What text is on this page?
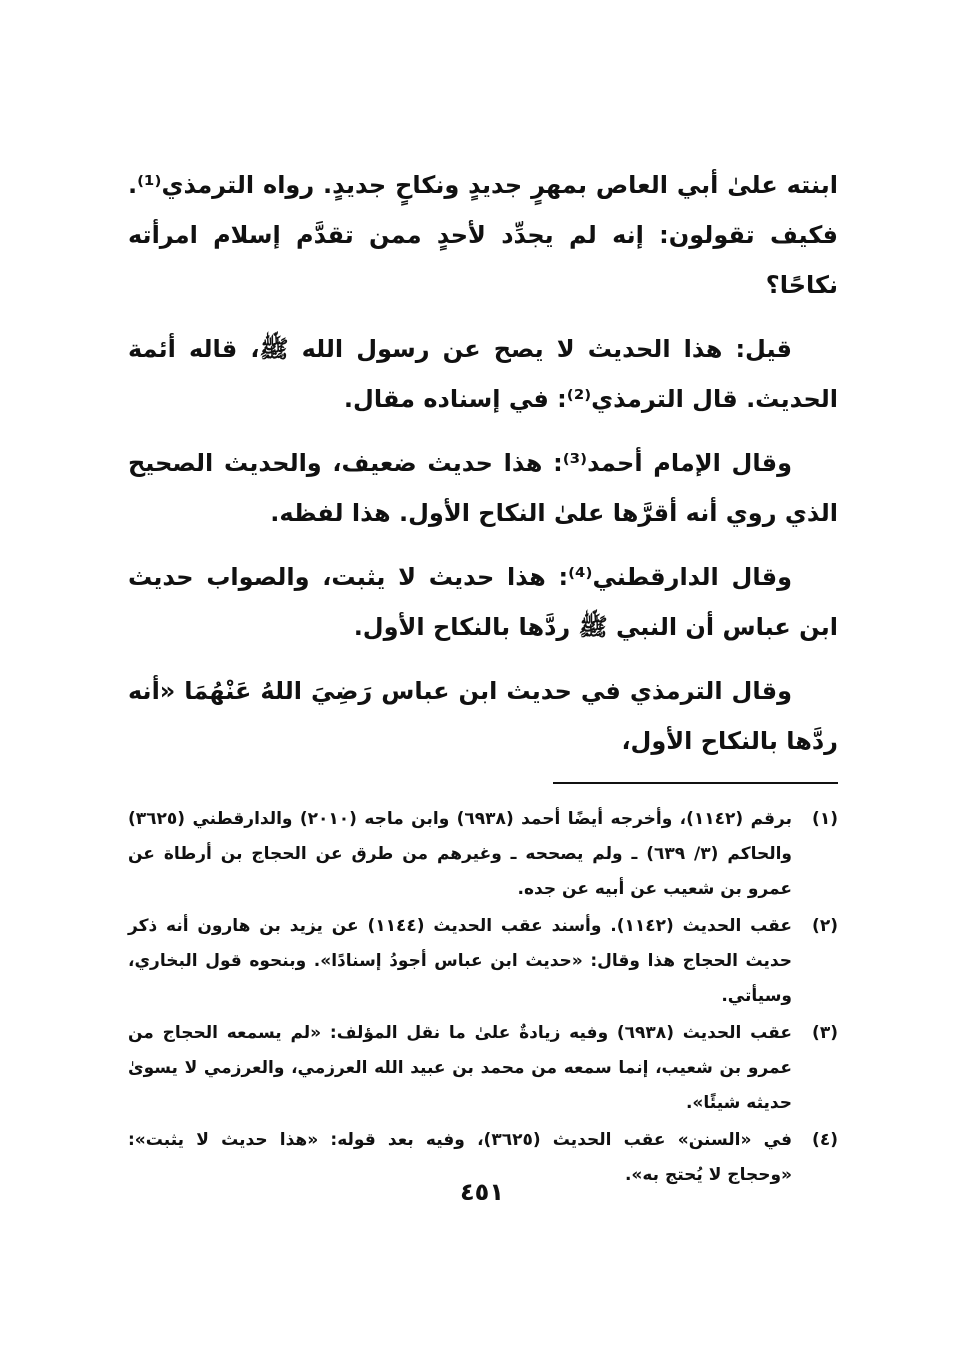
ابنته علىٰ أبي العاص بمهرٍ جديدٍ ونكاحٍ جديدٍ. رواه الترمذي⁽¹⁾. فكيف تقولون: إنه لم يجدِّد لأحدٍ ممن تقدَّم إسلام امرأته نكاحًا؟

قيل: هذا الحديث لا يصح عن رسول الله ﷺ، قاله أئمة الحديث. قال الترمذي⁽²⁾: في إسناده مقال.

وقال الإمام أحمد⁽³⁾: هذا حديث ضعيف، والحديث الصحيح الذي روي أنه أقرَّها علىٰ النكاح الأول. هذا لفظه.

وقال الدارقطني⁽⁴⁾: هذا حديث لا يثبت، والصواب حديث ابن عباس أن النبي ﷺ ردَّها بالنكاح الأول.

وقال الترمذي في حديث ابن عباس رَضِيَ اللهُ عَنْهُمَا «أنه ردَّها بالنكاح الأول،

(١)
برقم (١١٤٢)، وأخرجه أيضًا أحمد (٦٩٣٨) وابن ماجه (٢٠١٠) والدارقطني (٣٦٢٥) والحاكم (٣/ ٦٣٩) ـ ولم يصححه ـ وغيرهم من طرق عن الحجاج بن أرطاة عن عمرو بن شعيب عن أبيه عن جده.
(٢)
عقب الحديث (١١٤٢). وأسند عقب الحديث (١١٤٤) عن يزيد بن هارون أنه ذكر حديث الحجاج هذا وقال: «حديث ابن عباس أجودُ إسنادًا». وبنحوه قول البخاري، وسيأتي.
(٣)
عقب الحديث (٦٩٣٨) وفيه زيادةٌ علىٰ ما نقل المؤلف: «لم يسمعه الحجاج من عمرو بن شعيب، إنما سمعه من محمد بن عبيد الله العرزمي، والعرزمي لا يسوىٰ حديثه شيئًا».
(٤)
في «السنن» عقب الحديث (٣٦٢٥)، وفيه بعد قوله: «هذا حديث لا يثبت»: «وحجاج لا يُحتج به».
٤٥١
